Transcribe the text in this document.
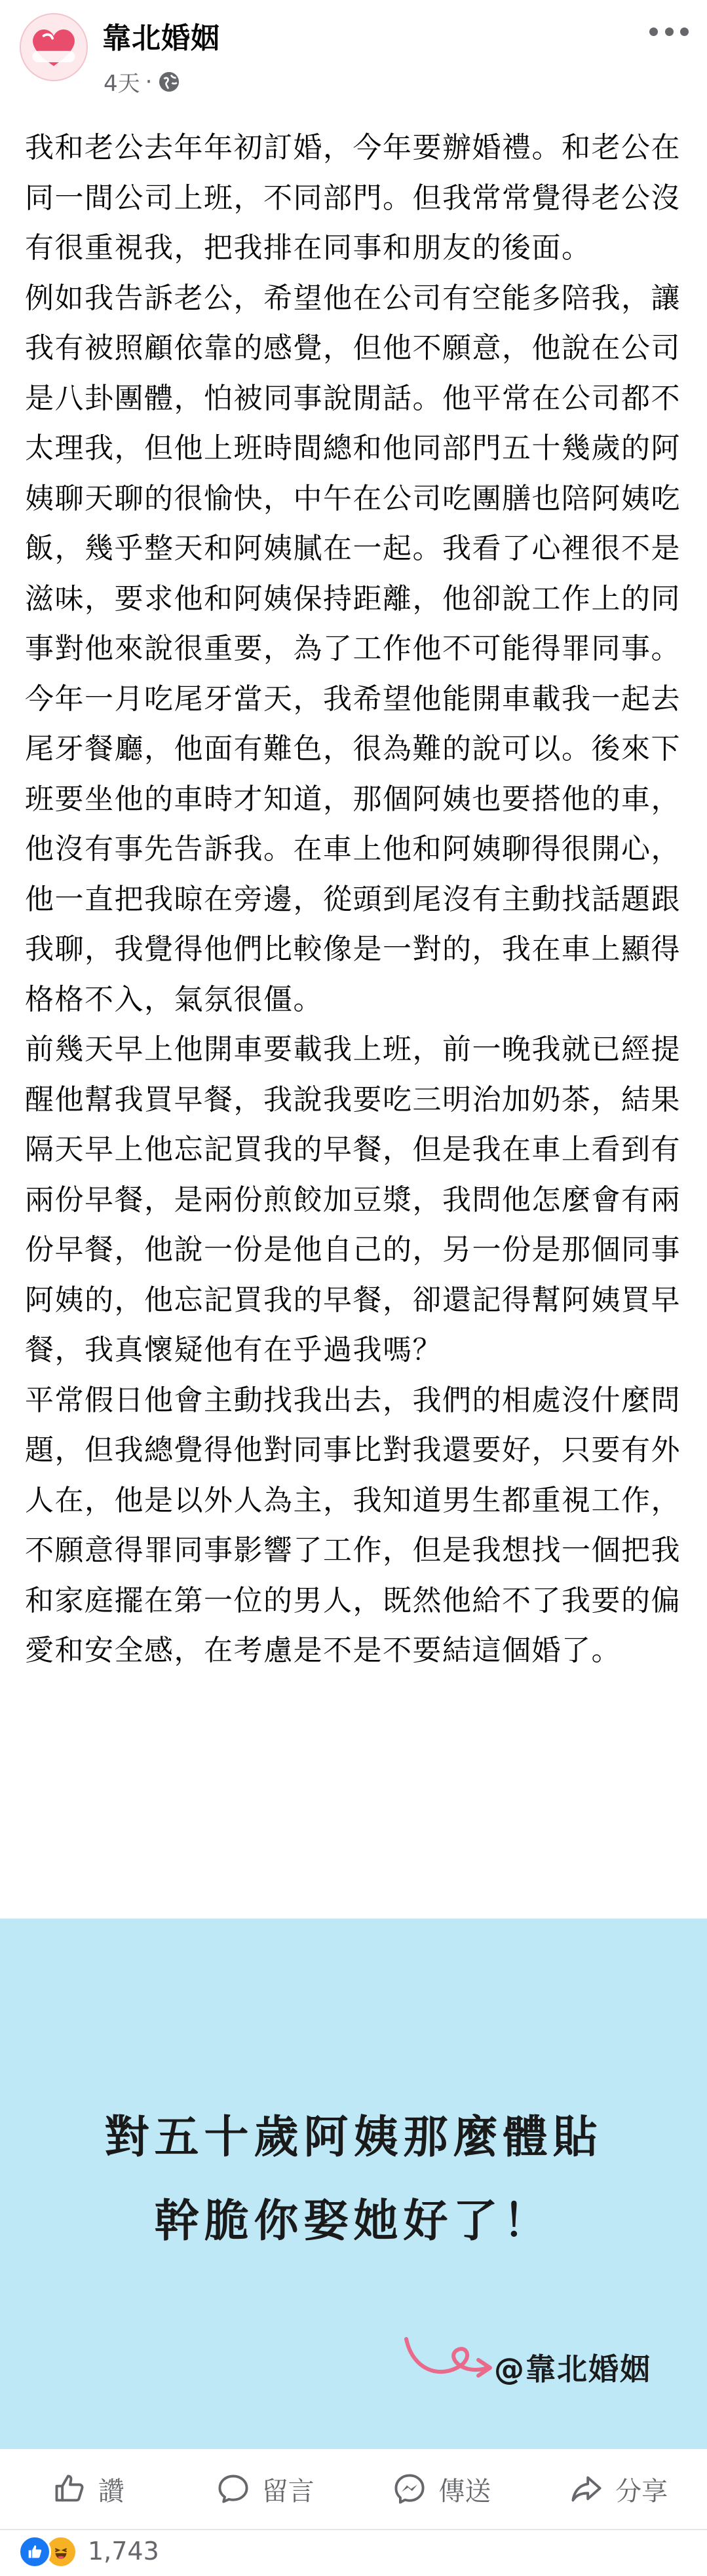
靠北婚姻
4天 ·

我和老公去年年初訂婚，今年要辦婚禮。和老公在同一間公司上班，不同部門。但我常常覺得老公沒有很重視我，把我排在同事和朋友的後面。

例如我告訴老公，希望他在公司有空能多陪我，讓我有被照顧依靠的感覺，但他不願意，他說在公司是八卦團體，怕被同事說閒話。他平常在公司都不太理我，但他上班時間總和他同部門五十幾歲的阿姨聊天聊的很愉快，中午在公司吃團膳也陪阿姨吃飯，幾乎整天和阿姨膩在一起。我看了心裡很不是滋味，要求他和阿姨保持距離，他卻說工作上的同事對他來說很重要，為了工作他不可能得罪同事。

今年一月吃尾牙當天，我希望他能開車載我一起去尾牙餐廳，他面有難色，很為難的說可以。後來下班要坐他的車時才知道，那個阿姨也要搭他的車，他沒有事先告訴我。在車上他和阿姨聊得很開心，他一直把我晾在旁邊，從頭到尾沒有主動找話題跟我聊，我覺得他們比較像是一對的，我在車上顯得格格不入，氣氛很僵。

前幾天早上他開車要載我上班，前一晚我就已經提醒他幫我買早餐，我說我要吃三明治加奶茶，結果隔天早上他忘記買我的早餐，但是我在車上看到有兩份早餐，是兩份煎餃加豆漿，我問他怎麼會有兩份早餐，他說一份是他自己的，另一份是那個同事阿姨的，他忘記買我的早餐，卻還記得幫阿姨買早餐，我真懷疑他有在乎過我嗎？

平常假日他會主動找我出去，我們的相處沒什麼問題，但我總覺得他對同事比對我還要好，只要有外人在，他是以外人為主，我知道男生都重視工作，不願意得罪同事影響了工作，但是我想找一個把我和家庭擺在第一位的男人，既然他給不了我要的偏愛和安全感，在考慮是不是不要結這個婚了。

對五十歲阿姨那麼體貼
幹脆你娶她好了！
@靠北婚姻
讚	留言	傳送	分享
1,743
